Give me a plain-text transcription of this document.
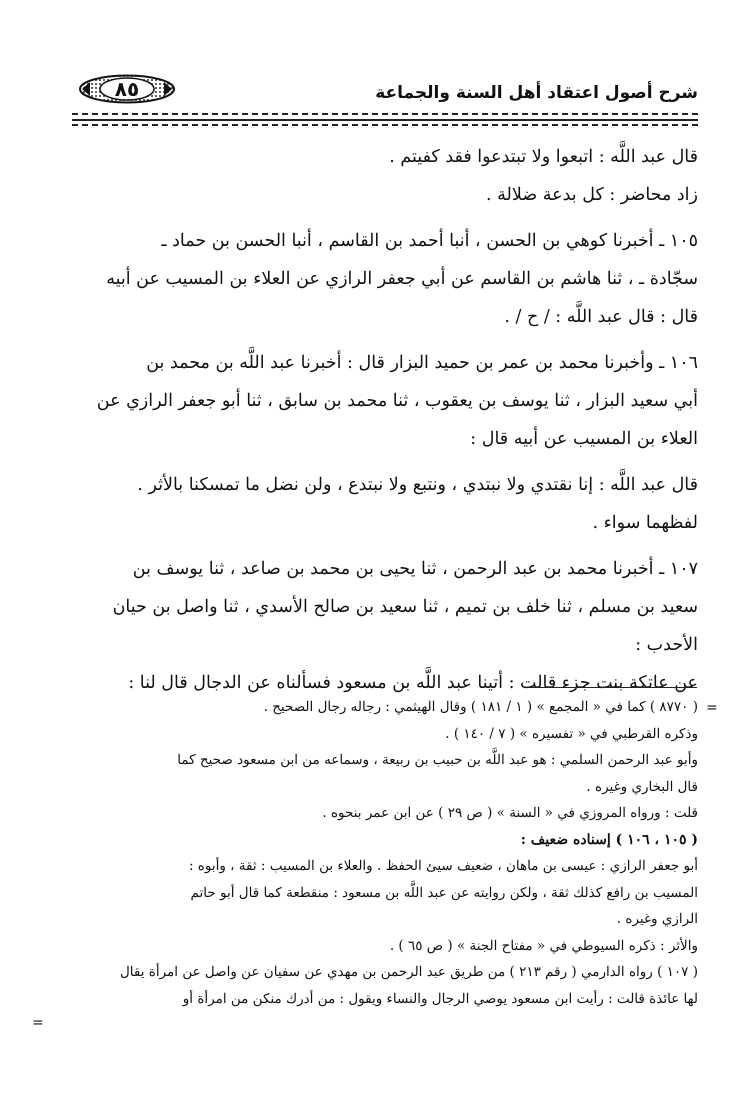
٨٥	شرح أصول اعتقاد أهل السنة والجماعة
قال عبد اللَّه : اتبعوا ولا تبتدعوا فقد كفيتم .
زاد محاضر : كل بدعة ضلالة .
١٠٥ ـ أخبرنا كوهي بن الحسن ، أنبا أحمد بن القاسم ، أنبا الحسن بن حماد ـ
سجّادة ـ ، ثنا هاشم بن القاسم عن أبي جعفر الرازي عن العلاء بن المسيب عن أبيه
قال : قال عبد اللَّه : / ح / .
١٠٦ ـ وأخبرنا محمد بن عمر بن حميد البزار قال : أخبرنا عبد اللَّه بن محمد بن
أبي سعيد البزار ، ثنا يوسف بن يعقوب ، ثنا محمد بن سابق ، ثنا أبو جعفر الرازي عن
العلاء بن المسيب عن أبيه قال :
قال عبد اللَّه : إنا نقتدي ولا نبتدي ، ونتبع ولا نبتدع ، ولن نضل ما تمسكنا بالأثر .
لفظهما سواء .
١٠٧ ـ أخبرنا محمد بن عبد الرحمن ، ثنا يحيى بن محمد بن صاعد ، ثنا يوسف بن
سعيد بن مسلم ، ثنا خلف بن تميم ، ثنا سعيد بن صالح الأسدي ، ثنا واصل بن حيان
الأحدب :
عن عاتكة بنت جزء قالت : أتينا عبد اللَّه بن مسعود فسألناه عن الدجال قال لنا :
=
=
( ٨٧٧٠ ) كما في « المجمع » ( ١ / ١٨١ ) وقال الهيثمي : رجاله رجال الصحيح .
وذكره القرطبي في « تفسيره » ( ٧ / ١٤٠ ) .
وأبو عبد الرحمن السلمي : هو عبد اللَّه بن حبيب بن ربيعة ، وسماعه من ابن مسعود صحيح كما
قال البخاري وغيره .
قلت : ورواه المروزي في « السنة » ( ص ٢٩ ) عن ابن عمر بنحوه .
( ١٠٥ ، ١٠٦ ) إسناده ضعيف :
أبو جعفر الرازي : عيسى بن ماهان ، ضعيف سيئ الحفظ . والعلاء بن المسيب : ثقة ، وأبوه :
المسيب بن رافع كذلك ثقة ، ولكن روايته عن عبد اللَّه بن مسعود : منقطعة كما قال أبو حاتم
الرازي وغيره .
والأثر : ذكره السيوطي في « مفتاح الجنة » ( ص ٦٥ ) .
( ١٠٧ ) رواه الدارمي ( رقم ٢١٣ ) من طريق عبد الرحمن بن مهدي عن سفيان عن واصل عن امرأة يقال
لها عائذة قالت : رأيت ابن مسعود يوصي الرجال والنساء ويقول : من أدرك منكن من امرأة أو
